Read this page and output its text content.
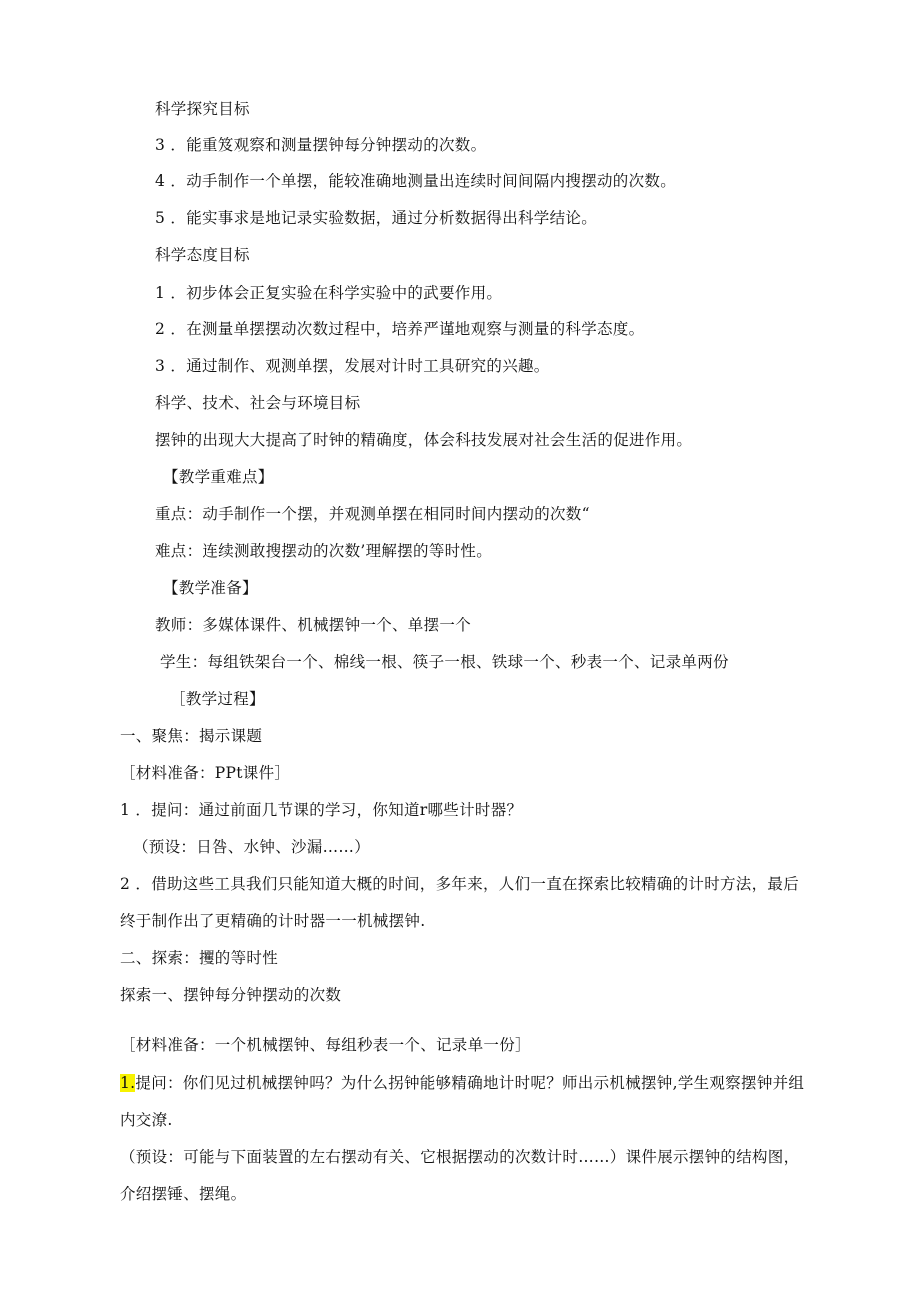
科学探究目标
3 ．能重笈观察和测量摆钟每分钟摆动的次数。
4 ．动手制作一个单摆，能较准确地测量出连续时间间隔内搜摆动的次数。
5 ．能实事求是地记录实验数据，通过分析数据得出科学结论。
科学态度目标
1 ．初步体会正复实验在科学实验中的武要作用。
2 ．在测量单摆摆动次数过程中，培养严谨地观察与测量的科学态度。
3 ．通过制作、观测单摆，发展对计时工具研究的兴趣。
科学、技术、社会与环境目标
摆钟的出现大大提高了时钟的精确度，体会科技发展对社会生活的促进作用。
【教学重难点】
重点：动手制作一个摆，并观测单摆在相同时间内摆动的次数“
难点：连续测敢搜摆动的次数’理解摆的等时性。
【教学准备】
教师：多媒体课件、机械摆钟一个、单摆一个
学生：每组铁架台一个、棉线一根、筷子一根、铁球一个、秒表一个、记录单两份
［教学过程】
一、聚焦：揭示课题
［材料准备：PPt课件］
1 ．提问：通过前面几节课的学习，你知道r哪些计时器？
（预设：日咎、水钟、沙漏……）
2 ．借助这些工具我们只能知道大概的时间，多年来，人们一直在探索比较精确的计时方法，最后
终于制作出了更精确的计时器一一机械摆钟.
二、探索：攫的等时性
探索一、摆钟每分钟摆动的次数
［材料准备：一个机械摆钟、每组秒表一个、记录单一份］
1.提问：你们见过机械摆钟吗？为什么拐钟能够精确地计时呢？师出示机械摆钟,学生观察摆钟并组
内交潦.
（预设：可能与下面装置的左右摆动有关、它根据摆动的次数计时……）课件展示摆钟的结构图，
介绍摆锤、摆绳。
